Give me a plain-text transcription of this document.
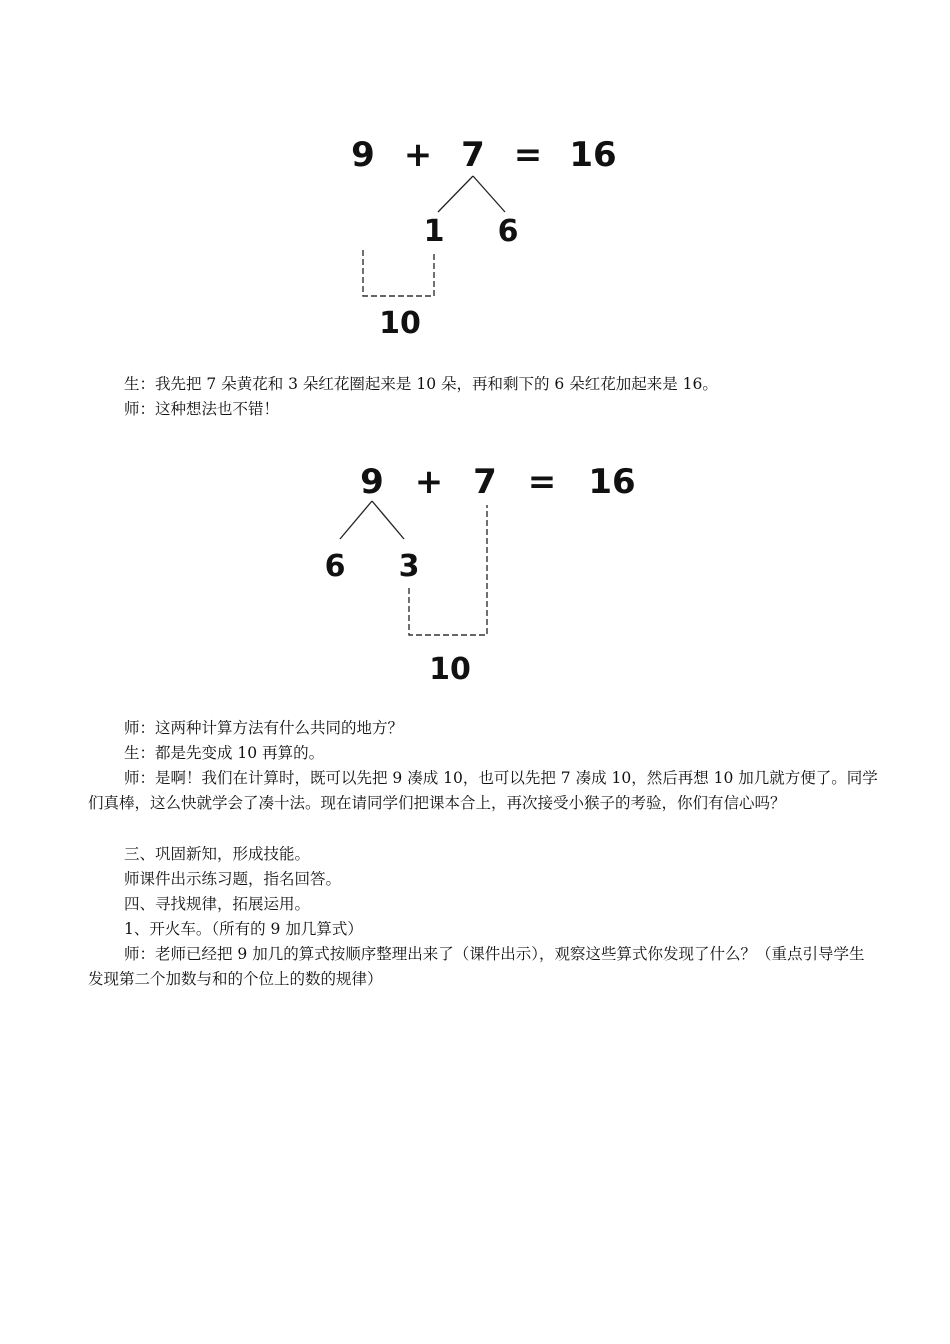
9 + 7 = 16
1 6
10

生：我先把 7 朵黄花和 3 朵红花圈起来是 10 朵，再和剩下的 6 朵红花加起来是 16。

师：这种想法也不错！

9 + 7 = 16
6 3
10

师：这两种计算方法有什么共同的地方？

生：都是先变成 10 再算的。

师：是啊！我们在计算时，既可以先把 9 凑成 10，也可以先把 7 凑成 10，然后再想 10 加几就方便了。同学们真棒，这么快就学会了凑十法。现在请同学们把课本合上，再次接受小猴子的考验，你们有信心吗？

三、巩固新知，形成技能。

师课件出示练习题，指名回答。

四、寻找规律，拓展运用。

1、开火车。（所有的 9 加几算式）

师：老师已经把 9 加几的算式按顺序整理出来了（课件出示），观察这些算式你发现了什么？（重点引导学生发现第二个加数与和的个位上的数的规律）
